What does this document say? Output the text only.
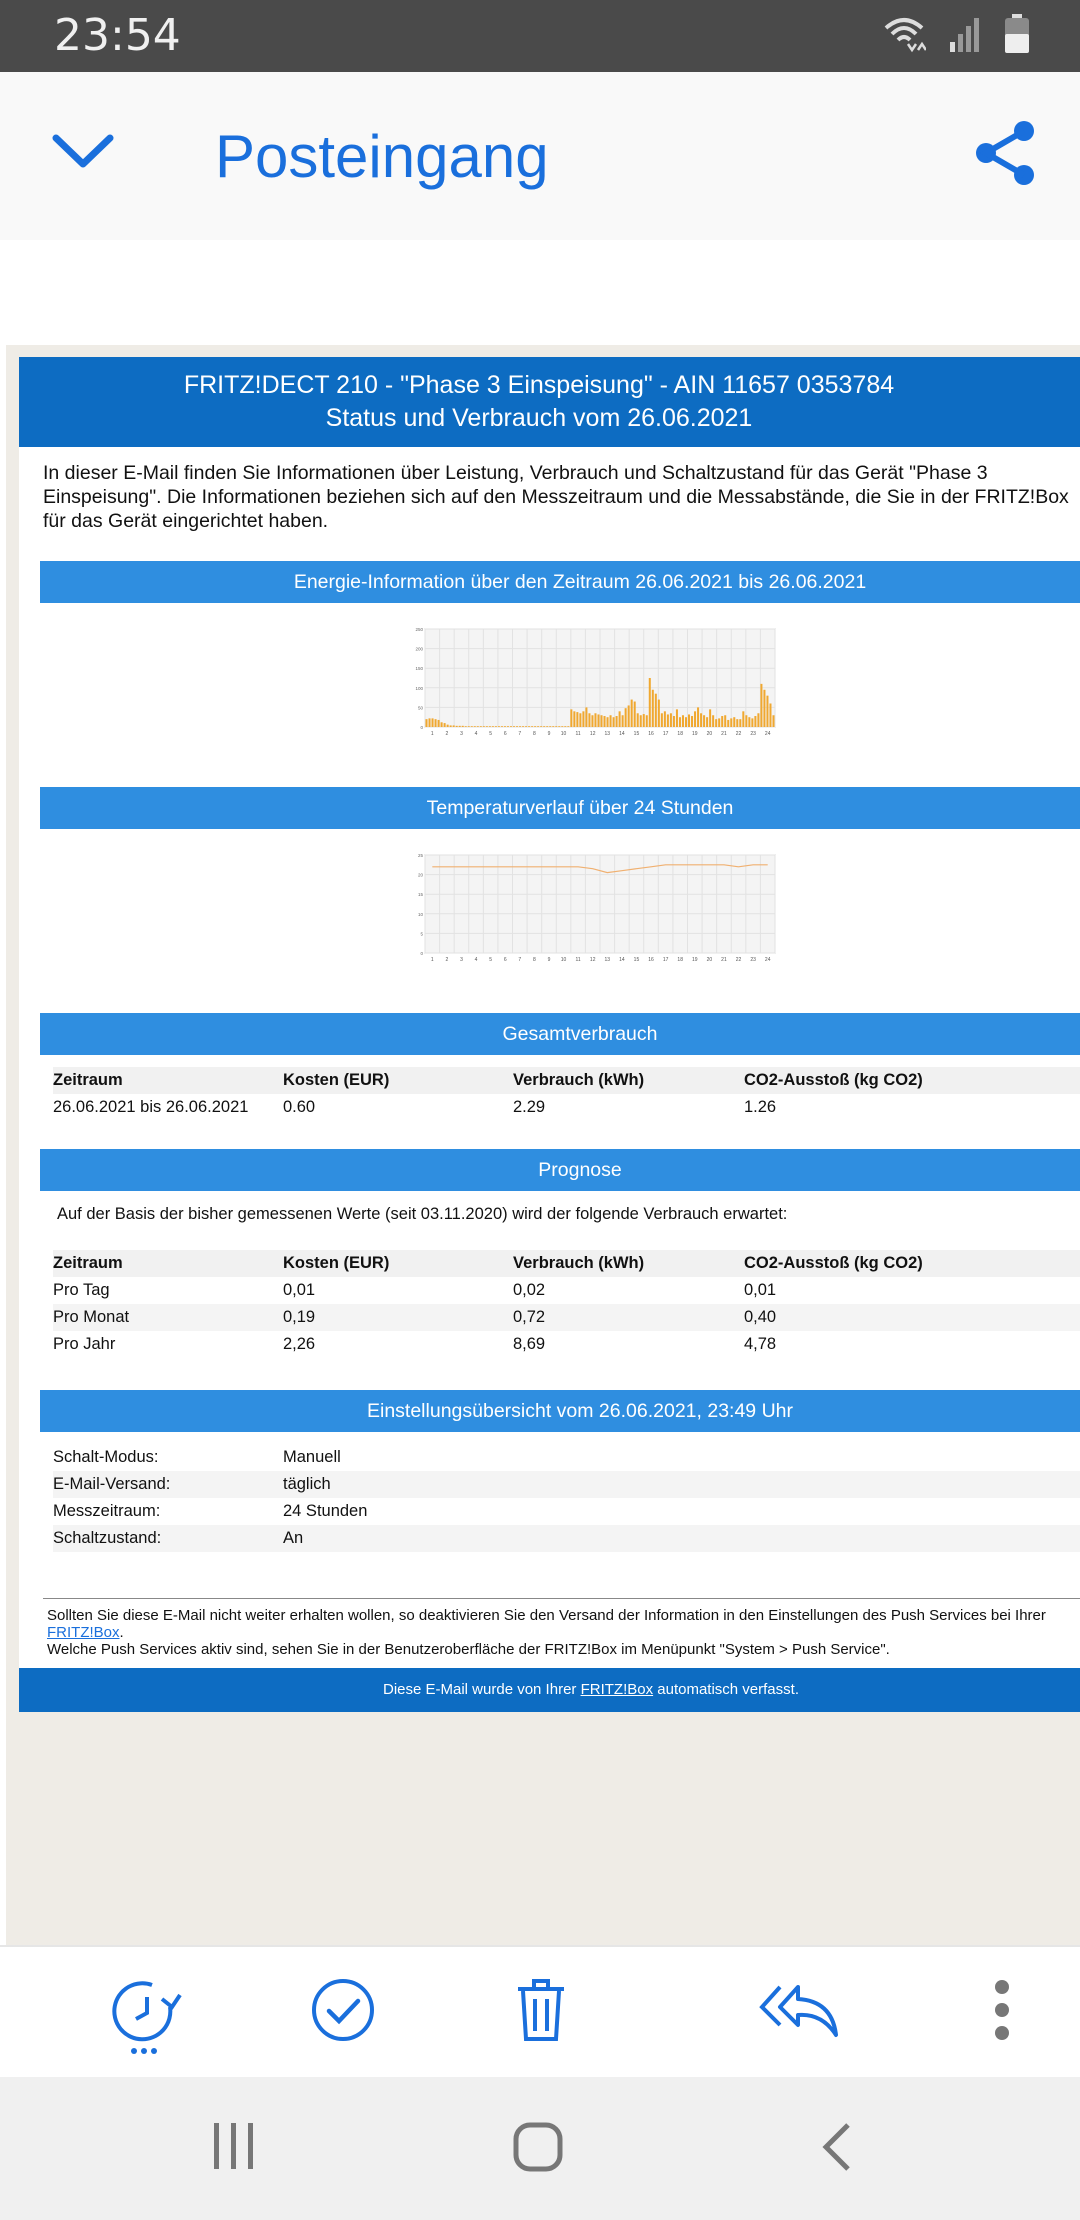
23:54
Posteingang
FRITZ!DECT 210 - "Phase 3 Einspeisung" - AIN 11657 0353784
Status und Verbrauch vom 26.06.2021
In dieser E-Mail finden Sie Informationen über Leistung, Verbrauch und Schaltzustand für das Gerät "Phase 3 Einspeisung". Die Informationen beziehen sich auf den Messzeitraum und die Messabstände, die Sie in der FRITZ!Box für das Gerät eingerichtet haben.
Energie-Information über den Zeitraum 26.06.2021 bis 26.06.2021
0
50
100
150
200
250
1 2 3 4 5 6 7 8 9 10 11 12 13 14 15 16 17 18 19 20 21 22 23 24
Temperaturverlauf über 24 Stunden
0
5
10
15
20
25
1 2 3 4 5 6 7 8 9 10 11 12 13 14 15 16 17 18 19 20 21 22 23 24
Gesamtverbrauch
Zeitraum	Kosten (EUR)	Verbrauch (kWh)	CO2-Ausstoß (kg CO2)
26.06.2021 bis 26.06.2021	0.60	2.29	1.26
Prognose
Auf der Basis der bisher gemessenen Werte (seit 03.11.2020) wird der folgende Verbrauch erwartet:
Zeitraum	Kosten (EUR)	Verbrauch (kWh)	CO2-Ausstoß (kg CO2)
Pro Tag	0,01	0,02	0,01
Pro Monat	0,19	0,72	0,40
Pro Jahr	2,26	8,69	4,78
Einstellungsübersicht vom 26.06.2021, 23:49 Uhr
Schalt-Modus:	Manuell
E-Mail-Versand:	täglich
Messzeitraum:	24 Stunden
Schaltzustand:	An
Sollten Sie diese E-Mail nicht weiter erhalten wollen, so deaktivieren Sie den Versand der Information in den Einstellungen des Push Services bei Ihrer
FRITZ!Box.
Welche Push Services aktiv sind, sehen Sie in der Benutzeroberfläche der FRITZ!Box im Menüpunkt "System > Push Service".
Diese E-Mail wurde von Ihrer FRITZ!Box automatisch verfasst.
